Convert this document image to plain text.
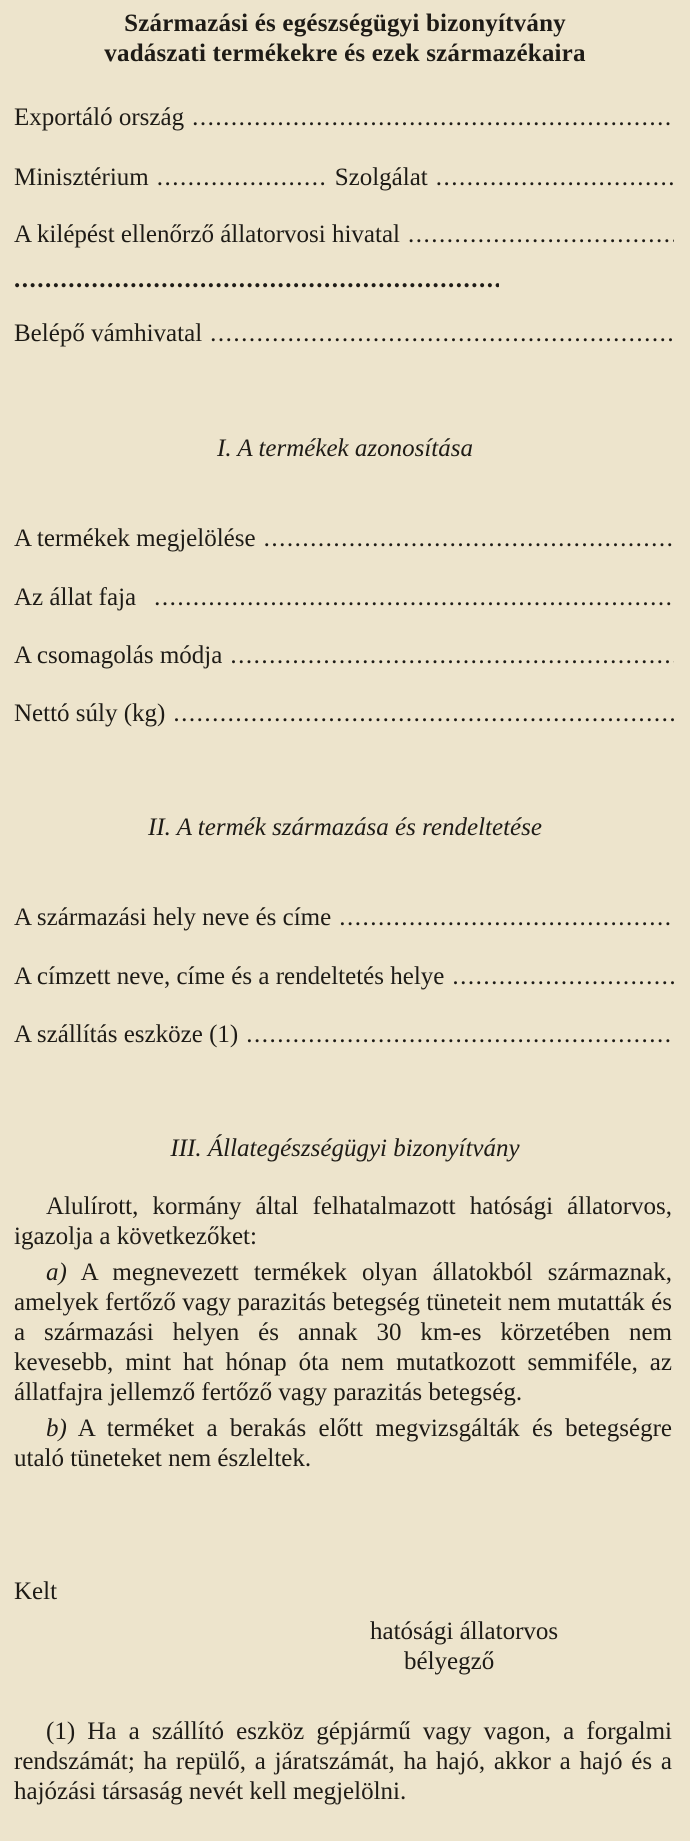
Származási és egészségügyi bizonyítvány
vadászati termékekre és ezek származékaira
Exportáló ország
.....
Minisztérium
.....	Szolgálat
.....
A kilépést ellenőrző állatorvosi hivatal
.....
.....
Belépő vámhivatal
.....
I. A termékek azonosítása
A termékek megjelölése
.....
Az állat faja
.....
A csomagolás módja
.....
Nettó súly (kg)
.....
II. A termék származása és rendeltetése
A származási hely neve és címe
.....
A címzett neve, címe és a rendeltetés helye
.....
A szállítás eszköze (1)
.....
III. Állategészségügyi bizonyítvány

Alulírott, kormány által felhatalmazott hatósági állatorvos, igazolja a következőket:

a) A megnevezett termékek olyan állatokból származnak, amelyek fertőző vagy parazitás betegség tüneteit nem mutatták és a származási helyen és annak 30 km-es körzetében nem kevesebb, mint hat hónap óta nem mutatkozott semmiféle, az állatfajra jellemző fertőző vagy parazitás betegség.

b) A terméket a berakás előtt megvizsgálták és betegségre utaló tüneteket nem észleltek.

Kelt
hatósági állatorvos
bélyegző
(1) Ha a szállító eszköz gépjármű vagy vagon, a forgalmi rendszámát; ha repülő, a járatszámát, ha hajó, akkor a hajó és a hajózási társaság nevét kell megjelölni.
